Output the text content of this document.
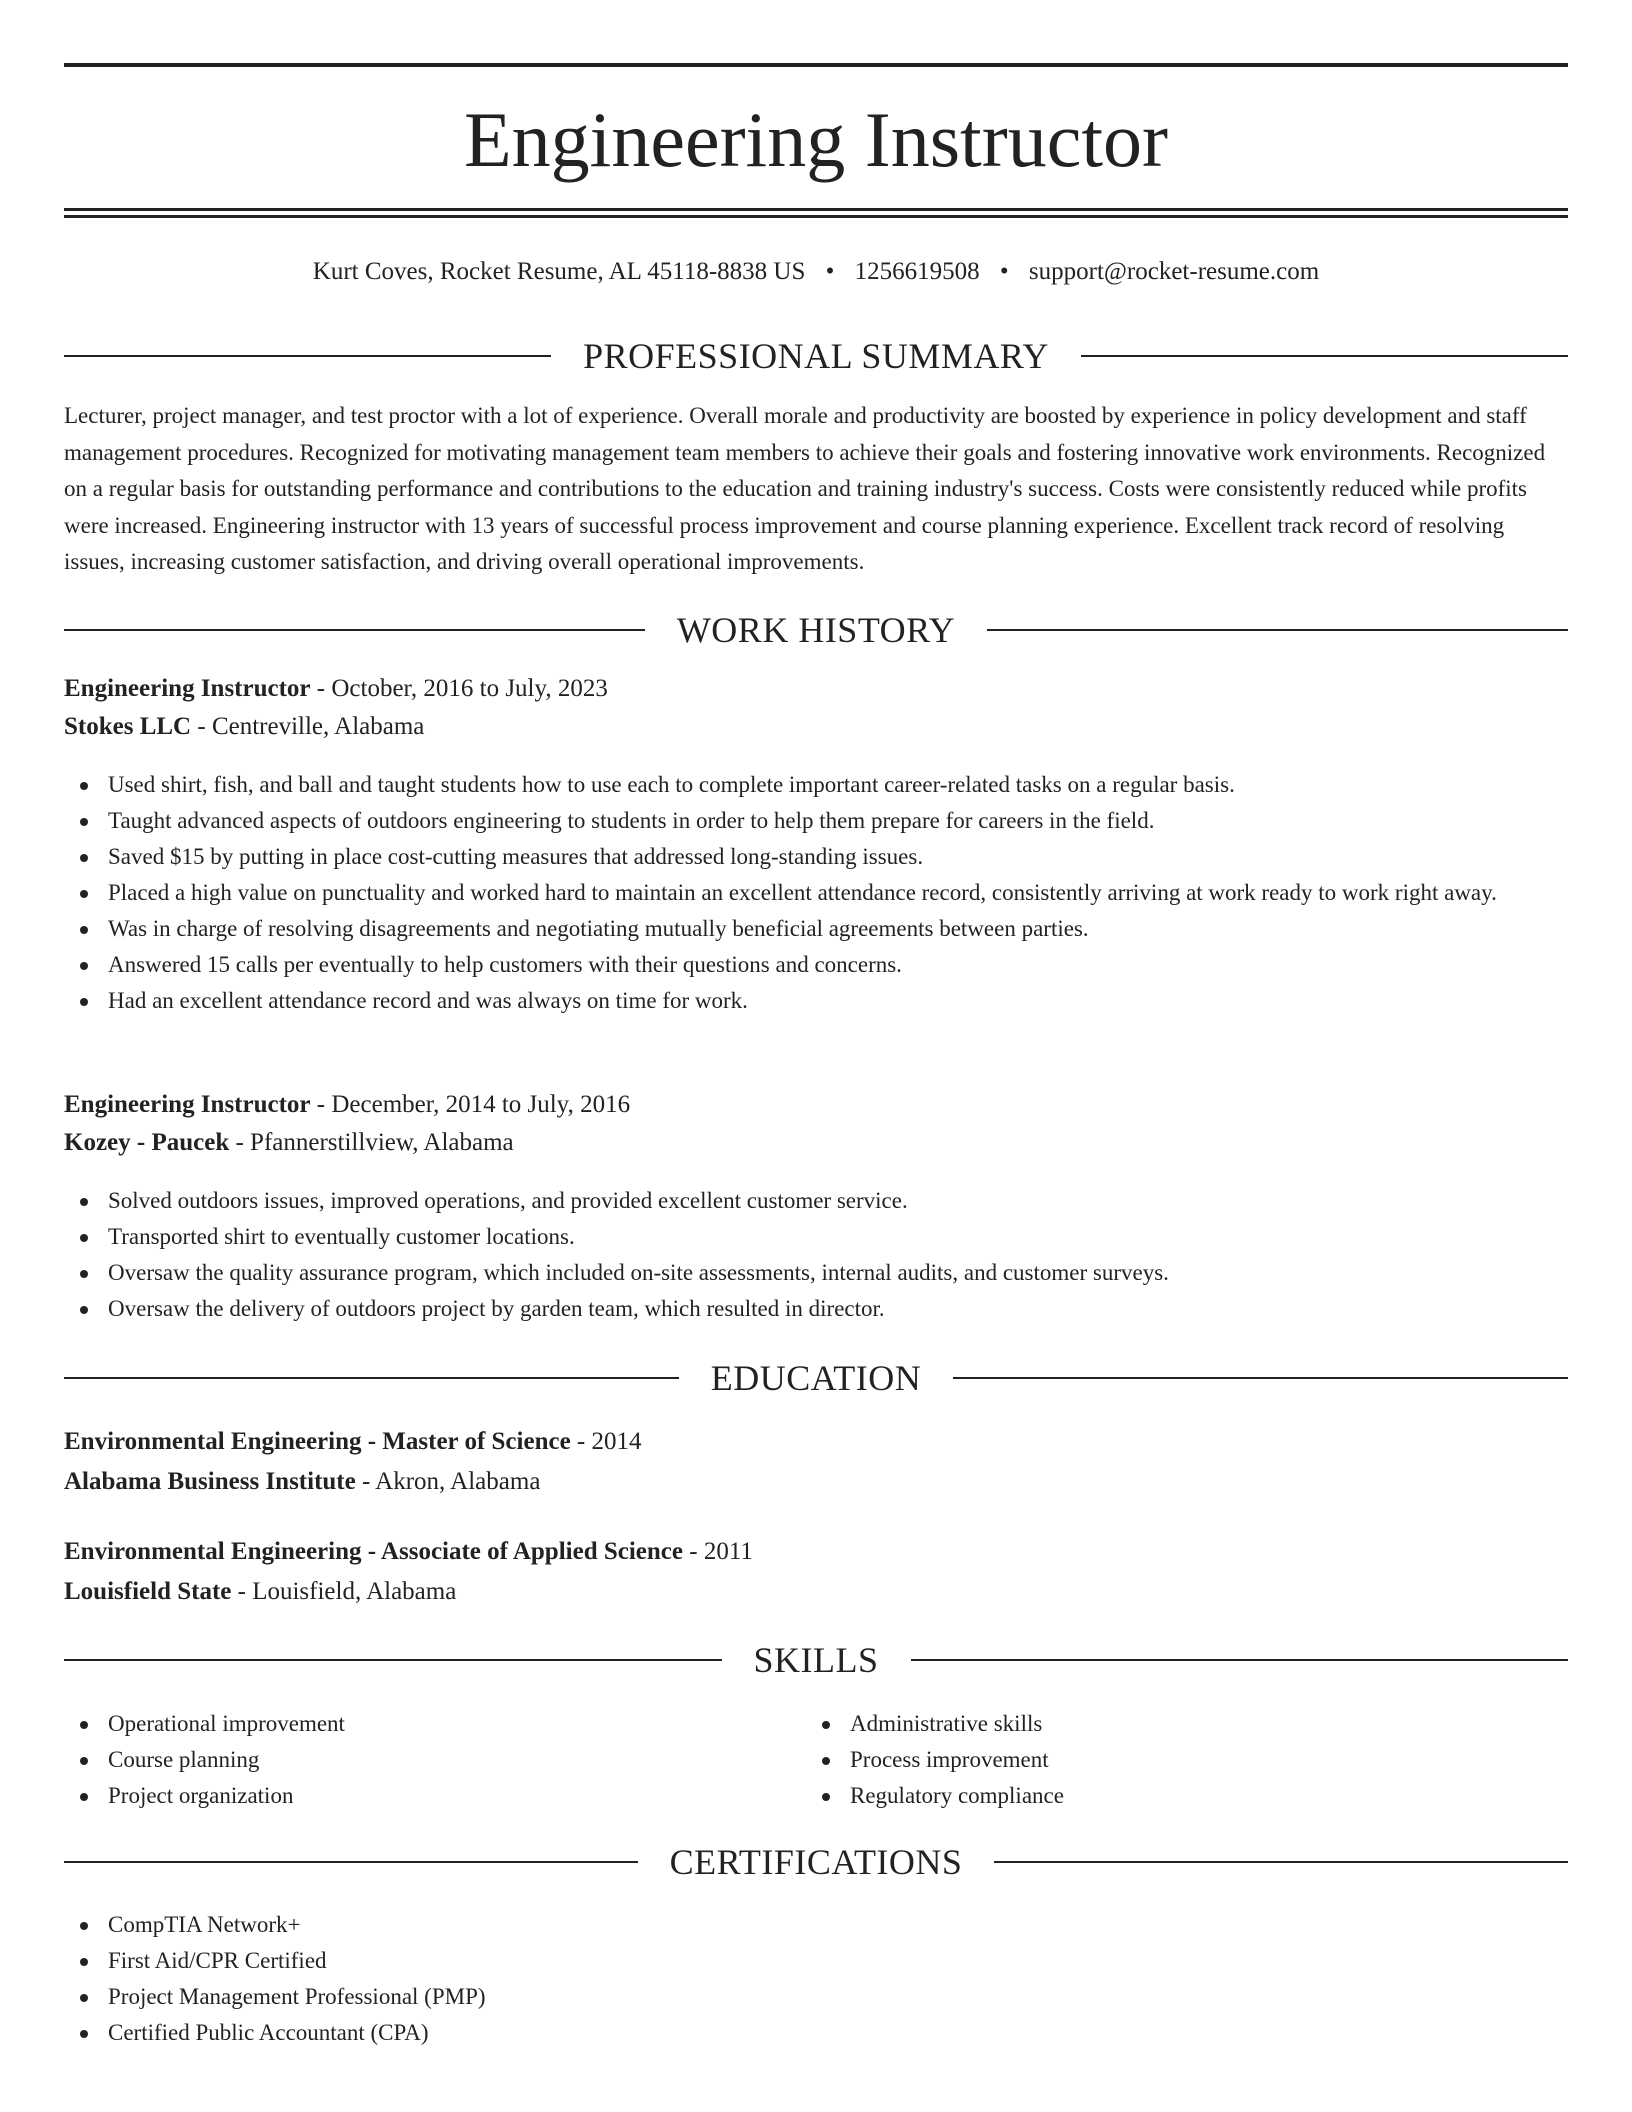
Engineering Instructor
Kurt Coves, Rocket Resume, AL 45118-8838 US • 1256619508 • support@rocket-resume.com
PROFESSIONAL SUMMARY

Lecturer, project manager, and test proctor with a lot of experience. Overall morale and productivity are boosted by experience in policy development and staff management procedures. Recognized for motivating management team members to achieve their goals and fostering innovative work environments. Recognized on a regular basis for outstanding performance and contributions to the education and training industry's success. Costs were consistently reduced while profits were increased. Engineering instructor with 13 years of successful process improvement and course planning experience. Excellent track record of resolving issues, increasing customer satisfaction, and driving overall operational improvements.

WORK HISTORY
Engineering Instructor - October, 2016 to July, 2023
Stokes LLC - Centreville, Alabama
Used shirt, fish, and ball and taught students how to use each to complete important career-related tasks on a regular basis.
Taught advanced aspects of outdoors engineering to students in order to help them prepare for careers in the field.
Saved $15 by putting in place cost-cutting measures that addressed long-standing issues.
Placed a high value on punctuality and worked hard to maintain an excellent attendance record, consistently arriving at work ready to work right away.
Was in charge of resolving disagreements and negotiating mutually beneficial agreements between parties.
Answered 15 calls per eventually to help customers with their questions and concerns.
Had an excellent attendance record and was always on time for work.
Engineering Instructor - December, 2014 to July, 2016
Kozey - Paucek - Pfannerstillview, Alabama
Solved outdoors issues, improved operations, and provided excellent customer service.
Transported shirt to eventually customer locations.
Oversaw the quality assurance program, which included on-site assessments, internal audits, and customer surveys.
Oversaw the delivery of outdoors project by garden team, which resulted in director.
EDUCATION
Environmental Engineering - Master of Science - 2014
Alabama Business Institute - Akron, Alabama
Environmental Engineering - Associate of Applied Science - 2011
Louisfield State - Louisfield, Alabama
SKILLS
Operational improvement
Course planning
Project organization
Administrative skills
Process improvement
Regulatory compliance
CERTIFICATIONS
CompTIA Network+
First Aid/CPR Certified
Project Management Professional (PMP)
Certified Public Accountant (CPA)
